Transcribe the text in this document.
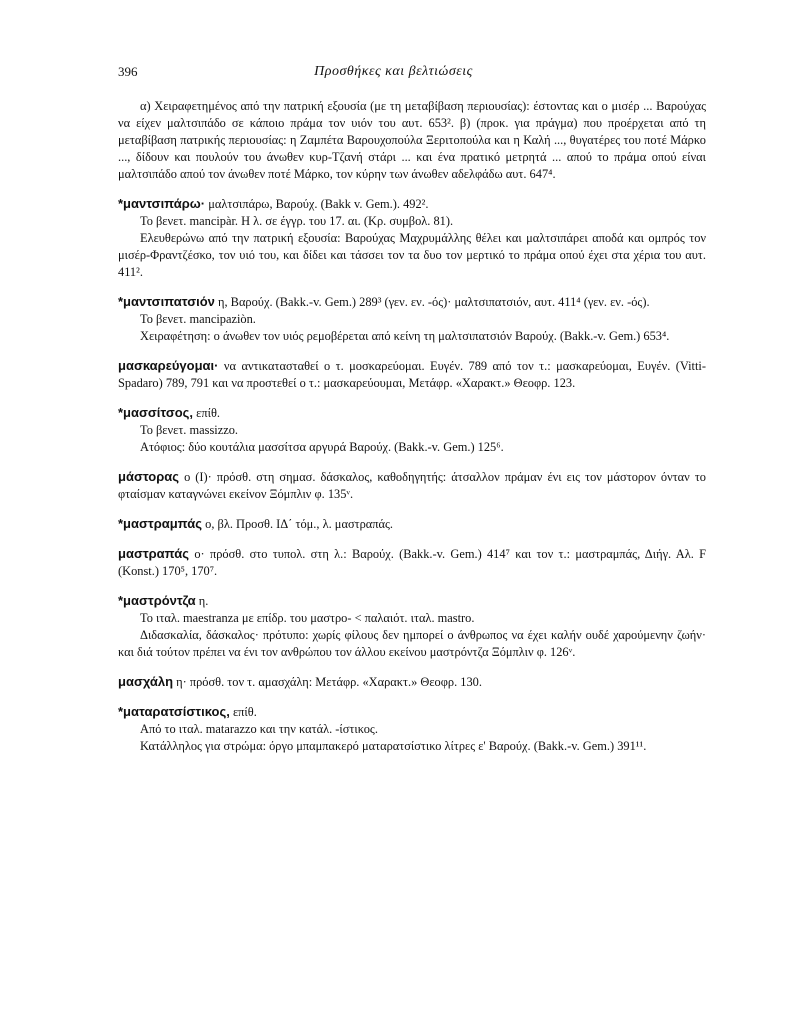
396	Προσθήκες και βελτιώσεις

α) Χειραφετημένος από την πατρική εξουσία (με τη μεταβίβαση περιουσίας): έστοντας και ο μισέρ ... Βαρούχας να είχεν μαλτσιπάδο σε κάποιο πράμα τον υιόν του αυτ. 653². β) (προκ. για πράγμα) που προέρχεται από τη μεταβίβαση πατρικής περιουσίας: η Ζαμπέτα Βαρουχοπούλα Ξεριτοπούλα και η Καλή ..., θυγατέρες του ποτέ Μάρκο ..., δίδουν και πουλούν του άνωθεν κυρ-Τζανή στάρι ... και ένα πρατικό μετρητά ... απού το πράμα οπού είναι μαλτσιπάδο απού τον άνωθεν ποτέ Μάρκο, τον κύρην των άνωθεν αδελφάδω αυτ. 647⁴.

*μαντσιπάρω· μαλτσιπάρω, Βαρούχ. (Bakk v. Gem.). 492².

Το βενετ. mancipàr. Η λ. σε έγγρ. του 17. αι. (Κρ. συμβολ. 81).

Ελευθερώνω από την πατρική εξουσία: Βαρούχας Μαχρυμάλλης θέλει και μαλτσιπάρει αποδά και ομπρός τον μισέρ-Φραντζέσκο, τον υιό του, και δίδει και τάσσει τον τα δυο τον μερτικό το πράμα οπού έχει στα χέρια του αυτ. 411².

*μαντσιπατσιόν η, Βαρούχ. (Bakk.-v. Gem.) 289³ (γεν. εν. -ός)· μαλτσιπατσιόν, αυτ. 411⁴ (γεν. εν. -ός).

Το βενετ. mancipaziòn.

Χειραφέτηση: ο άνωθεν τον υιός ρεμοβέρεται από κείνη τη μαλτσιπατσιόν Βαρούχ. (Bakk.-v. Gem.) 653⁴.

μασκαρεύγομαι· να αντικατασταθεί ο τ. μοσκαρεύομαι. Ευγέν. 789 από τον τ.: μασκαρεύομαι, Ευγέν. (Vitti-Spadaro) 789, 791 και να προστεθεί ο τ.: μασκαρεύουμαι, Μετάφρ. «Χαρακτ.» Θεοφρ. 123.

*μασσίτσος, επίθ.

Το βενετ. massizzo.

Ατόφιος: δύο κουτάλια μασσίτσα αργυρά Βαρούχ. (Bakk.-v. Gem.) 125⁶.

μάστορας ο (Ι)· πρόσθ. στη σημασ. δάσκαλος, καθοδηγητής: άτσαλλον πράμαν ένι εις τον μάστορον όνταν το φταίσμαν καταγνώνει εκείνον Ξόμπλιν φ. 135ᵛ.

*μαστραμπάς ο, βλ. Προσθ. ΙΔ΄ τόμ., λ. μαστραπάς.

μαστραπάς ο· πρόσθ. στο τυπολ. στη λ.: Βαρούχ. (Bakk.-v. Gem.) 414⁷ και τον τ.: μαστραμπάς, Διήγ. Αλ. F (Konst.) 170⁵, 170⁷.

*μαστρόντζα η.

Το ιταλ. maestranza με επίδρ. του μαστρο- < παλαιότ. ιταλ. mastro.

Διδασκαλία, δάσκαλος· πρότυπο: χωρίς φίλους δεν ημπορεί ο άνθρωπος να έχει καλήν ουδέ χαρούμενην ζωήν· και διά τούτον πρέπει να ένι τον ανθρώπου τον άλλου εκείνου μαστρόντζα Ξόμπλιν φ. 126ᵛ.

μασχάλη η· πρόσθ. τον τ. αμασχάλη: Μετάφρ. «Χαρακτ.» Θεοφρ. 130.

*ματαρατσίστικος, επίθ.

Από το ιταλ. matarazzo και την κατάλ. -ίστικος.

Κατάλληλος για στρώμα: όργο μπαμπακερό ματαρατσίστικο λίτρες ε' Βαρούχ. (Bakk.-v. Gem.) 391¹¹.
